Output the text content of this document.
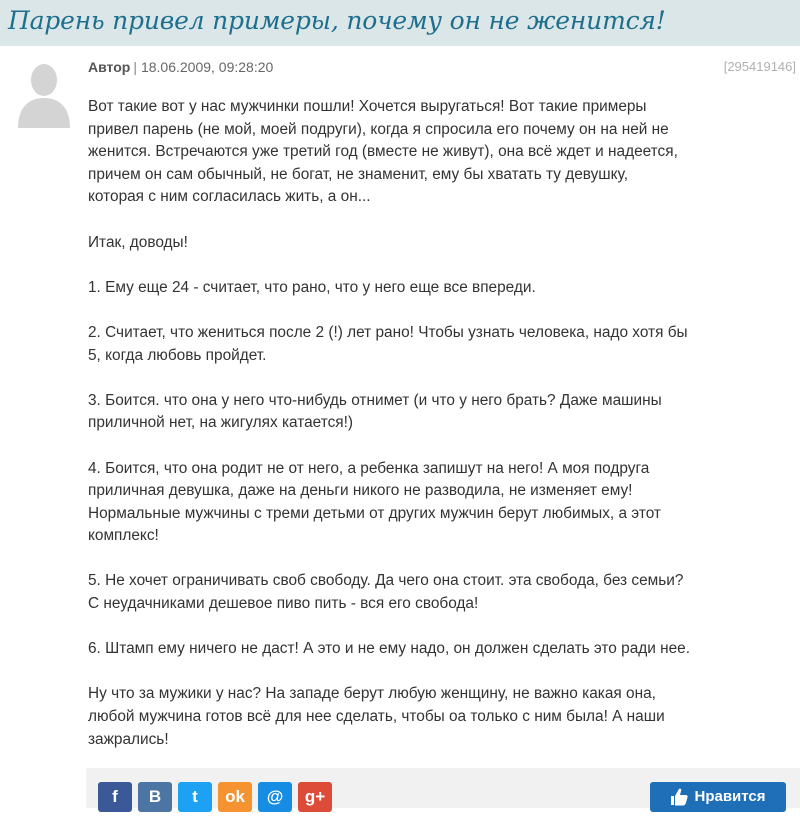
Парень привел примеры, почему он не женится!
Автор | 18.06.2009, 09:28:20	[295419146]

Вот такие вот у нас мужчинки пошли! Хочется выругаться! Вот такие примеры
привел парень (не мой, моей подруги), когда я спросила его почему он на ней не
женится. Встречаются уже третий год (вместе не живут), она всё ждет и надеется,
причем он сам обычный, не богат, не знаменит, ему бы хватать ту девушку,
которая с ним согласилась жить, а он...

Итак, доводы!

1. Ему еще 24 - считает, что рано, что у него еще все впереди.

2. Считает, что жениться после 2 (!) лет рано! Чтобы узнать человека, надо хотя бы
5, когда любовь пройдет.

3. Боится. что она у него что-нибудь отнимет (и что у него брать? Даже машины
приличной нет, на жигулях катается!)

4. Боится, что она родит не от него, а ребенка запишут на него! А моя подруга
приличная девушка, даже на деньги никого не разводила, не изменяет ему!
Нормальные мужчины с треми детьми от других мужчин берут любимых, а этот
комплекс!

5. Не хочет ограничивать своб свободу. Да чего она стоит. эта свобода, без семьи?
С неудачниками дешевое пиво пить - вся его свобода!

6. Штамп ему ничего не даст! А это и не ему надо, он должен сделать это ради нее.

Ну что за мужики у нас? На западе берут любую женщину, не важно какая она,
любой мужчина готов всё для нее сделать, чтобы оа только с ним была! А наши
зажрались!

f B t ok @ g+	Нравится
